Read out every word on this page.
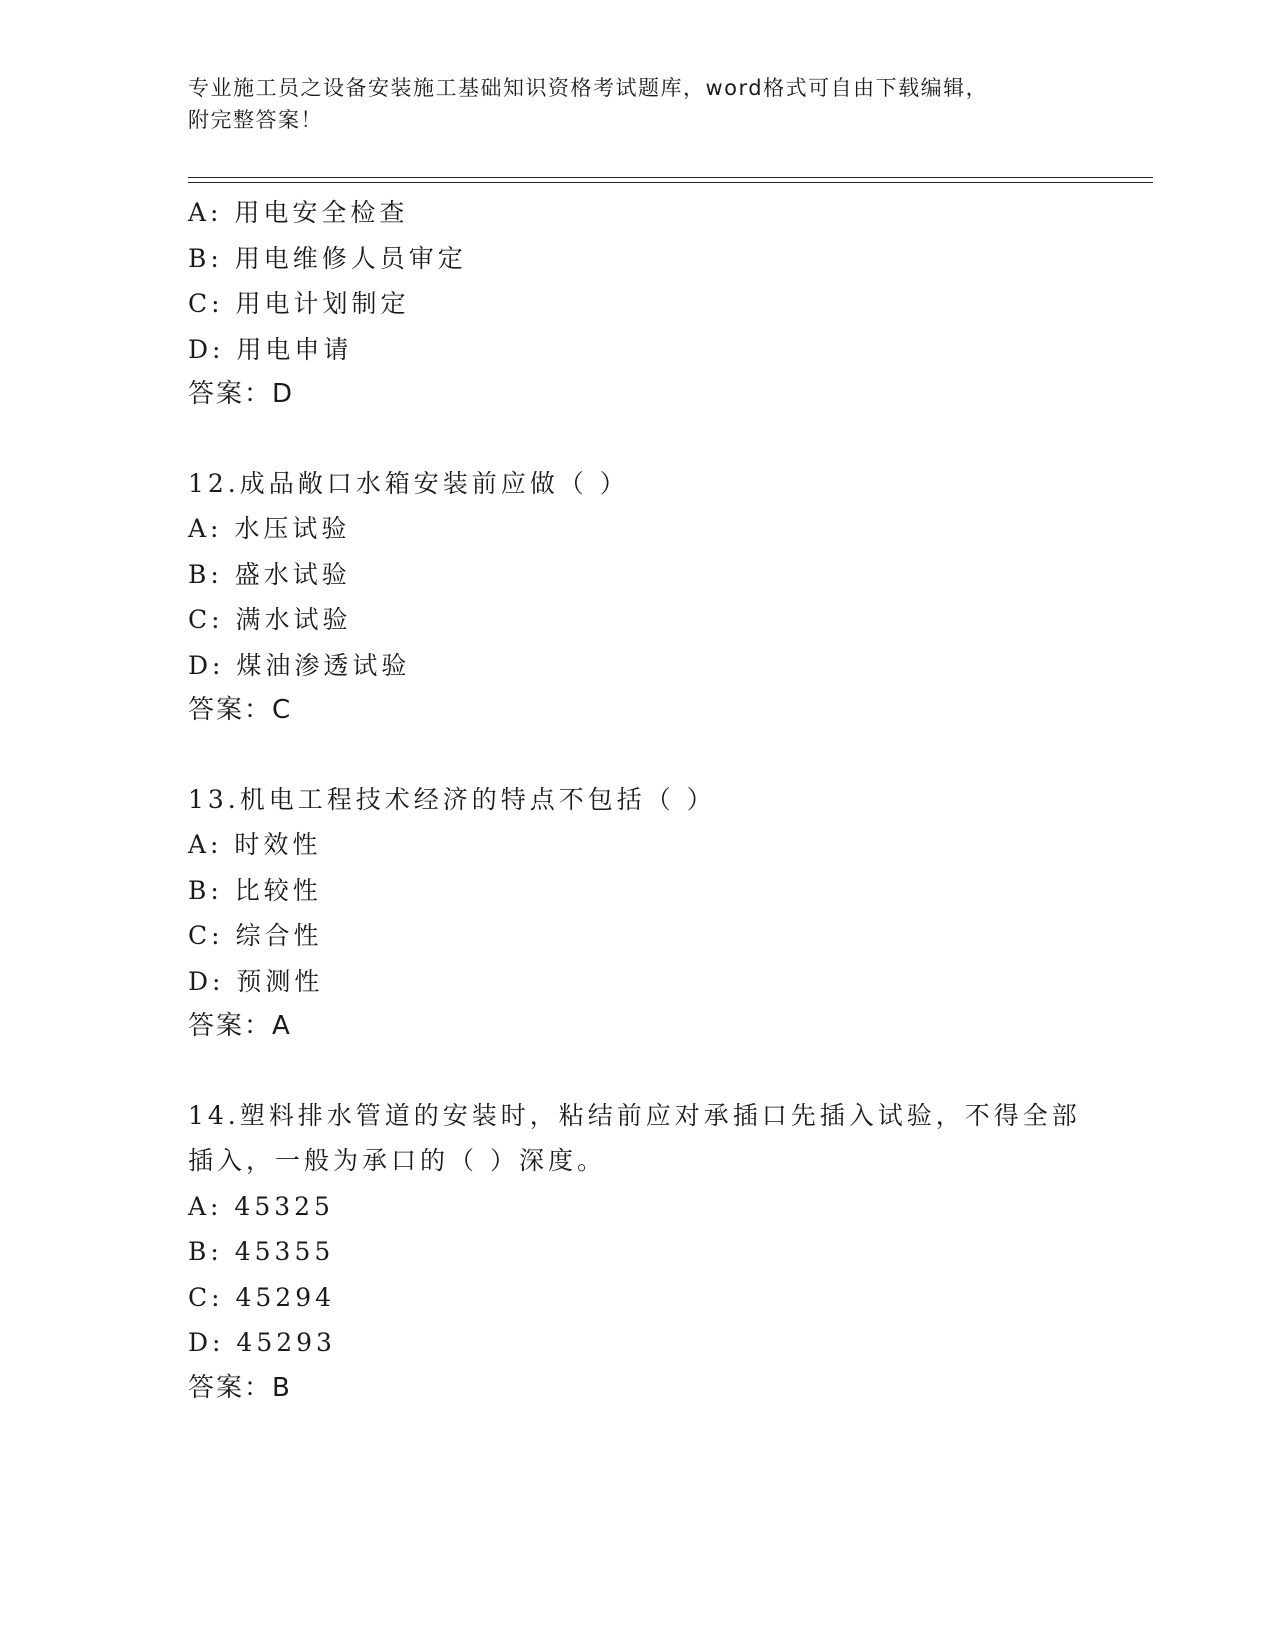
专业施工员之设备安装施工基础知识资格考试题库，word格式可自由下载编辑，
附完整答案！
A: 用电安全检查
B: 用电维修人员审定
C: 用电计划制定
D: 用电申请
答案：D
12.成品敞口水箱安装前应做（ ）
A: 水压试验
B: 盛水试验
C: 满水试验
D: 煤油渗透试验
答案：C
13.机电工程技术经济的特点不包括（ ）
A: 时效性
B: 比较性
C: 综合性
D: 预测性
答案：A
14.塑料排水管道的安装时，粘结前应对承插口先插入试验，不得全部
插入，一般为承口的（ ）深度。
A: 45325
B: 45355
C: 45294
D: 45293
答案：B
